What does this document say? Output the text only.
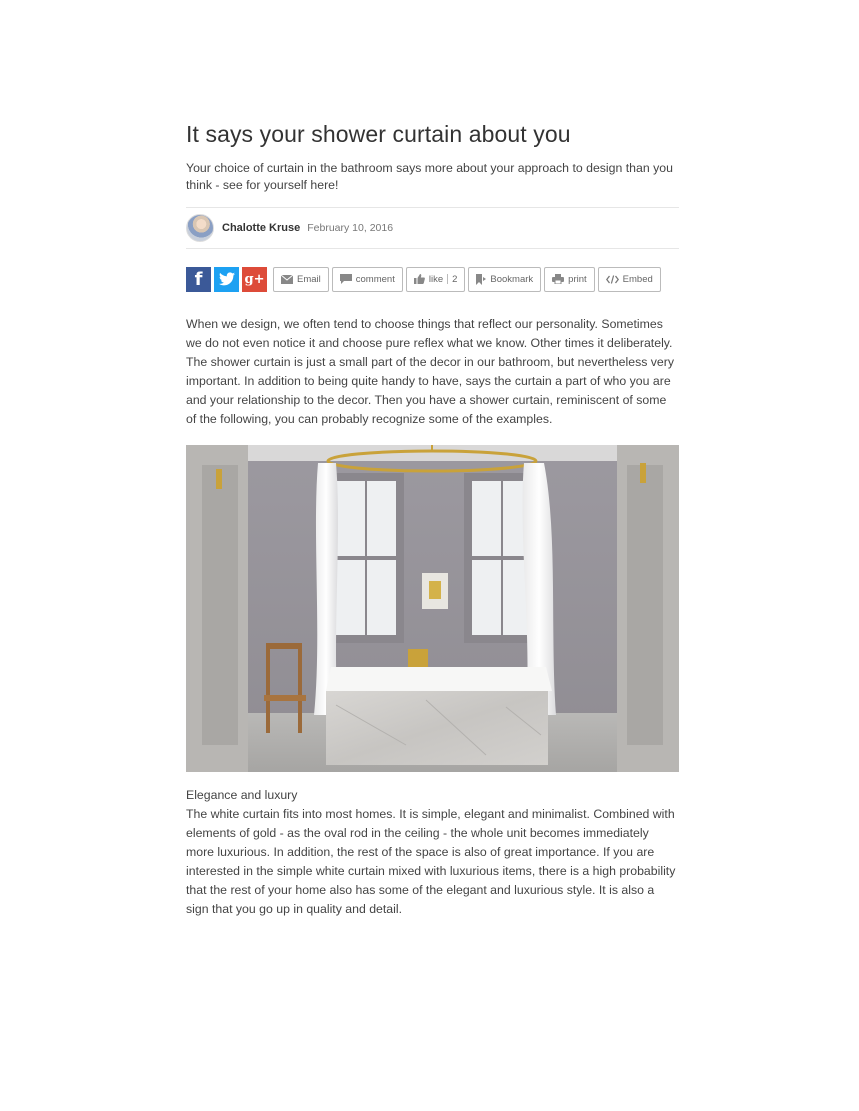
It says your shower curtain about you

Your choice of curtain in the bathroom says more about your approach to design than you think - see for yourself here!

Chalotte Kruse February 10, 2016
f	g+	Email	comment	like 2	Bookmark	print	Embed

When we design, we often tend to choose things that reflect our personality. Sometimes we do not even notice it and choose pure reflex what we know. Other times it deliberately. The shower curtain is just a small part of the decor in our bathroom, but nevertheless very important. In addition to being quite handy to have, says the curtain a part of who you are and your relationship to the decor. Then you have a shower curtain, reminiscent of some of the following, you can probably recognize some of the examples.

Elegance and luxury

The white curtain fits into most homes. It is simple, elegant and minimalist. Combined with elements of gold - as the oval rod in the ceiling - the whole unit becomes immediately more luxurious. In addition, the rest of the space is also of great importance. If you are interested in the simple white curtain mixed with luxurious items, there is a high probability that the rest of your home also has some of the elegant and luxurious style. It is also a sign that you go up in quality and detail.
